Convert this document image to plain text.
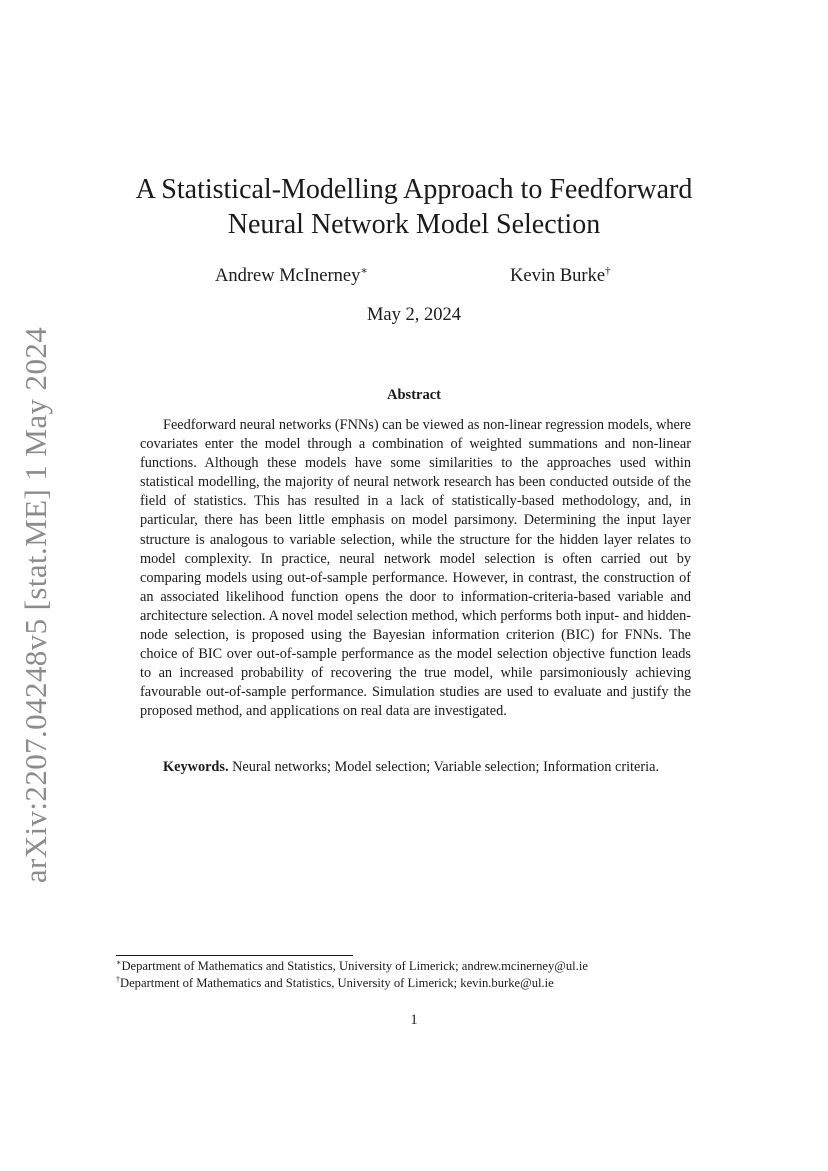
arXiv:2207.04248v5 [stat.ME] 1 May 2024
A Statistical-Modelling Approach to Feedforward
Neural Network Model Selection
Andrew McInerney∗	Kevin Burke†
May 2, 2024
Abstract

Feedforward neural networks (FNNs) can be viewed as non-linear regression models, where covariates enter the model through a combination of weighted summations and non-linear functions. Although these models have some similarities to the approaches used within statistical modelling, the majority of neural network research has been conducted outside of the field of statistics. This has resulted in a lack of statistically-based methodology, and, in particular, there has been little emphasis on model parsimony. Determining the input layer structure is analogous to variable selection, while the structure for the hidden layer relates to model complexity. In practice, neural network model selection is often carried out by comparing models using out-of-sample performance. However, in contrast, the construction of an associated likelihood function opens the door to information-criteria-based variable and architecture selection. A novel model selection method, which performs both input- and hidden-node selection, is proposed using the Bayesian information criterion (BIC) for FNNs. The choice of BIC over out-of-sample performance as the model selection objective function leads to an increased probability of recovering the true model, while parsimoniously achieving favourable out-of-sample performance. Simulation studies are used to evaluate and justify the proposed method, and applications on real data are investigated.

Keywords. Neural networks; Model selection; Variable selection; Information criteria.

∗Department of Mathematics and Statistics, University of Limerick; andrew.mcinerney@ul.ie
†Department of Mathematics and Statistics, University of Limerick; kevin.burke@ul.ie
1
